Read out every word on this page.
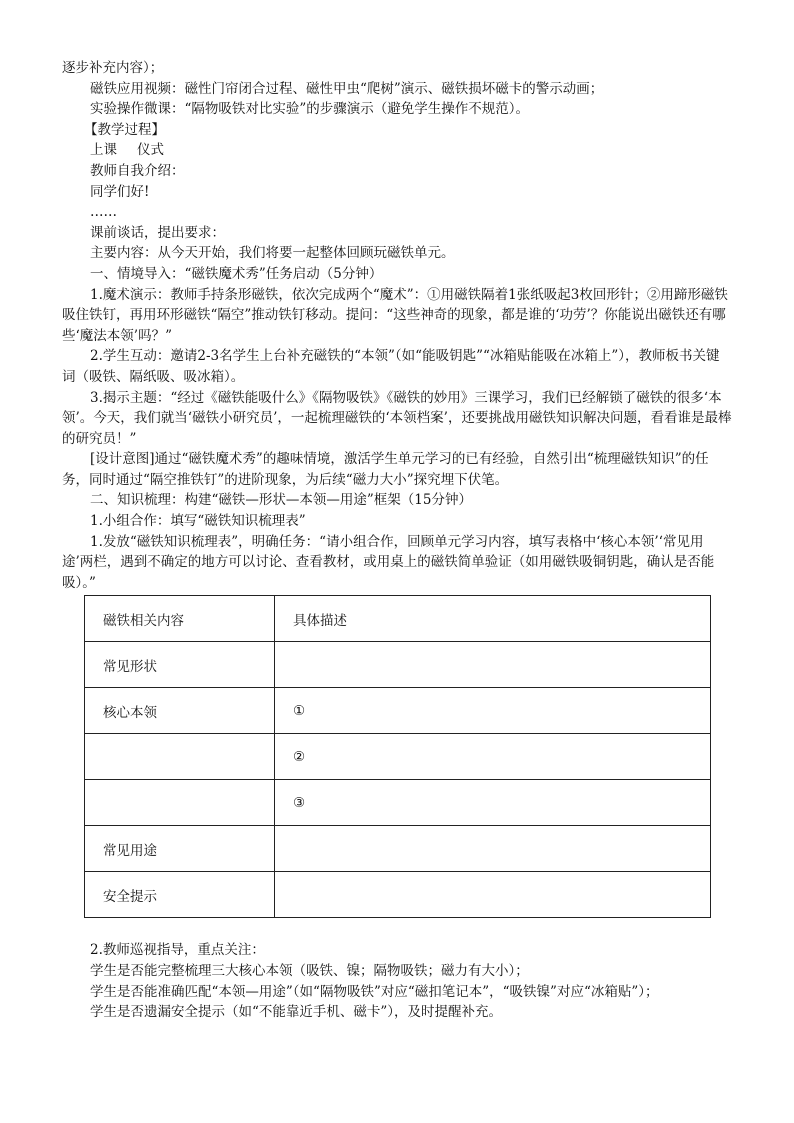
逐步补充内容）；

磁铁应用视频：磁性门帘闭合过程、磁性甲虫“爬树”演示、磁铁损坏磁卡的警示动画；

实验操作微课：“隔物吸铁对比实验”的步骤演示（避免学生操作不规范）。

【教学过程】

上课 仪式

教师自我介绍：

同学们好!

……

课前谈话，提出要求：

主要内容：从今天开始，我们将要一起整体回顾玩磁铁单元。

一、情境导入：“磁铁魔术秀”任务启动（5分钟）

1.魔术演示：教师手持条形磁铁，依次完成两个“魔术”：①用磁铁隔着1张纸吸起3枚回形针；②用蹄形磁铁吸住铁钉，再用环形磁铁“隔空”推动铁钉移动。提问：“这些神奇的现象，都是谁的‘功劳’？你能说出磁铁还有哪些‘魔法本领’吗？”

2.学生互动：邀请2-3名学生上台补充磁铁的“本领”（如“能吸钥匙”“冰箱贴能吸在冰箱上”），教师板书关键词（吸铁、隔纸吸、吸冰箱）。

3.揭示主题：“经过《磁铁能吸什么》《隔物吸铁》《磁铁的妙用》三课学习，我们已经解锁了磁铁的很多‘本领’。今天，我们就当‘磁铁小研究员’，一起梳理磁铁的‘本领档案’，还要挑战用磁铁知识解决问题，看看谁是最棒的研究员！”

[设计意图]通过“磁铁魔术秀”的趣味情境，激活学生单元学习的已有经验，自然引出“梳理磁铁知识”的任务，同时通过“隔空推铁钉”的进阶现象，为后续“磁力大小”探究埋下伏笔。

二、知识梳理：构建“磁铁—形状—本领—用途”框架（15分钟）

1.小组合作：填写“磁铁知识梳理表”

1.发放“磁铁知识梳理表”，明确任务：“请小组合作，回顾单元学习内容，填写表格中‘核心本领’‘常见用途’两栏，遇到不确定的地方可以讨论、查看教材，或用桌上的磁铁简单验证（如用磁铁吸铜钥匙，确认是否能吸）。”

磁铁相关内容	具体描述
常见形状	
核心本领	①
	②
	③
常见用途	
安全提示	

2.教师巡视指导，重点关注：

学生是否能完整梳理三大核心本领（吸铁、镍；隔物吸铁；磁力有大小）；

学生是否能准确匹配“本领—用途”（如“隔物吸铁”对应“磁扣笔记本”，“吸铁镍”对应“冰箱贴”）；

学生是否遗漏安全提示（如“不能靠近手机、磁卡”），及时提醒补充。
